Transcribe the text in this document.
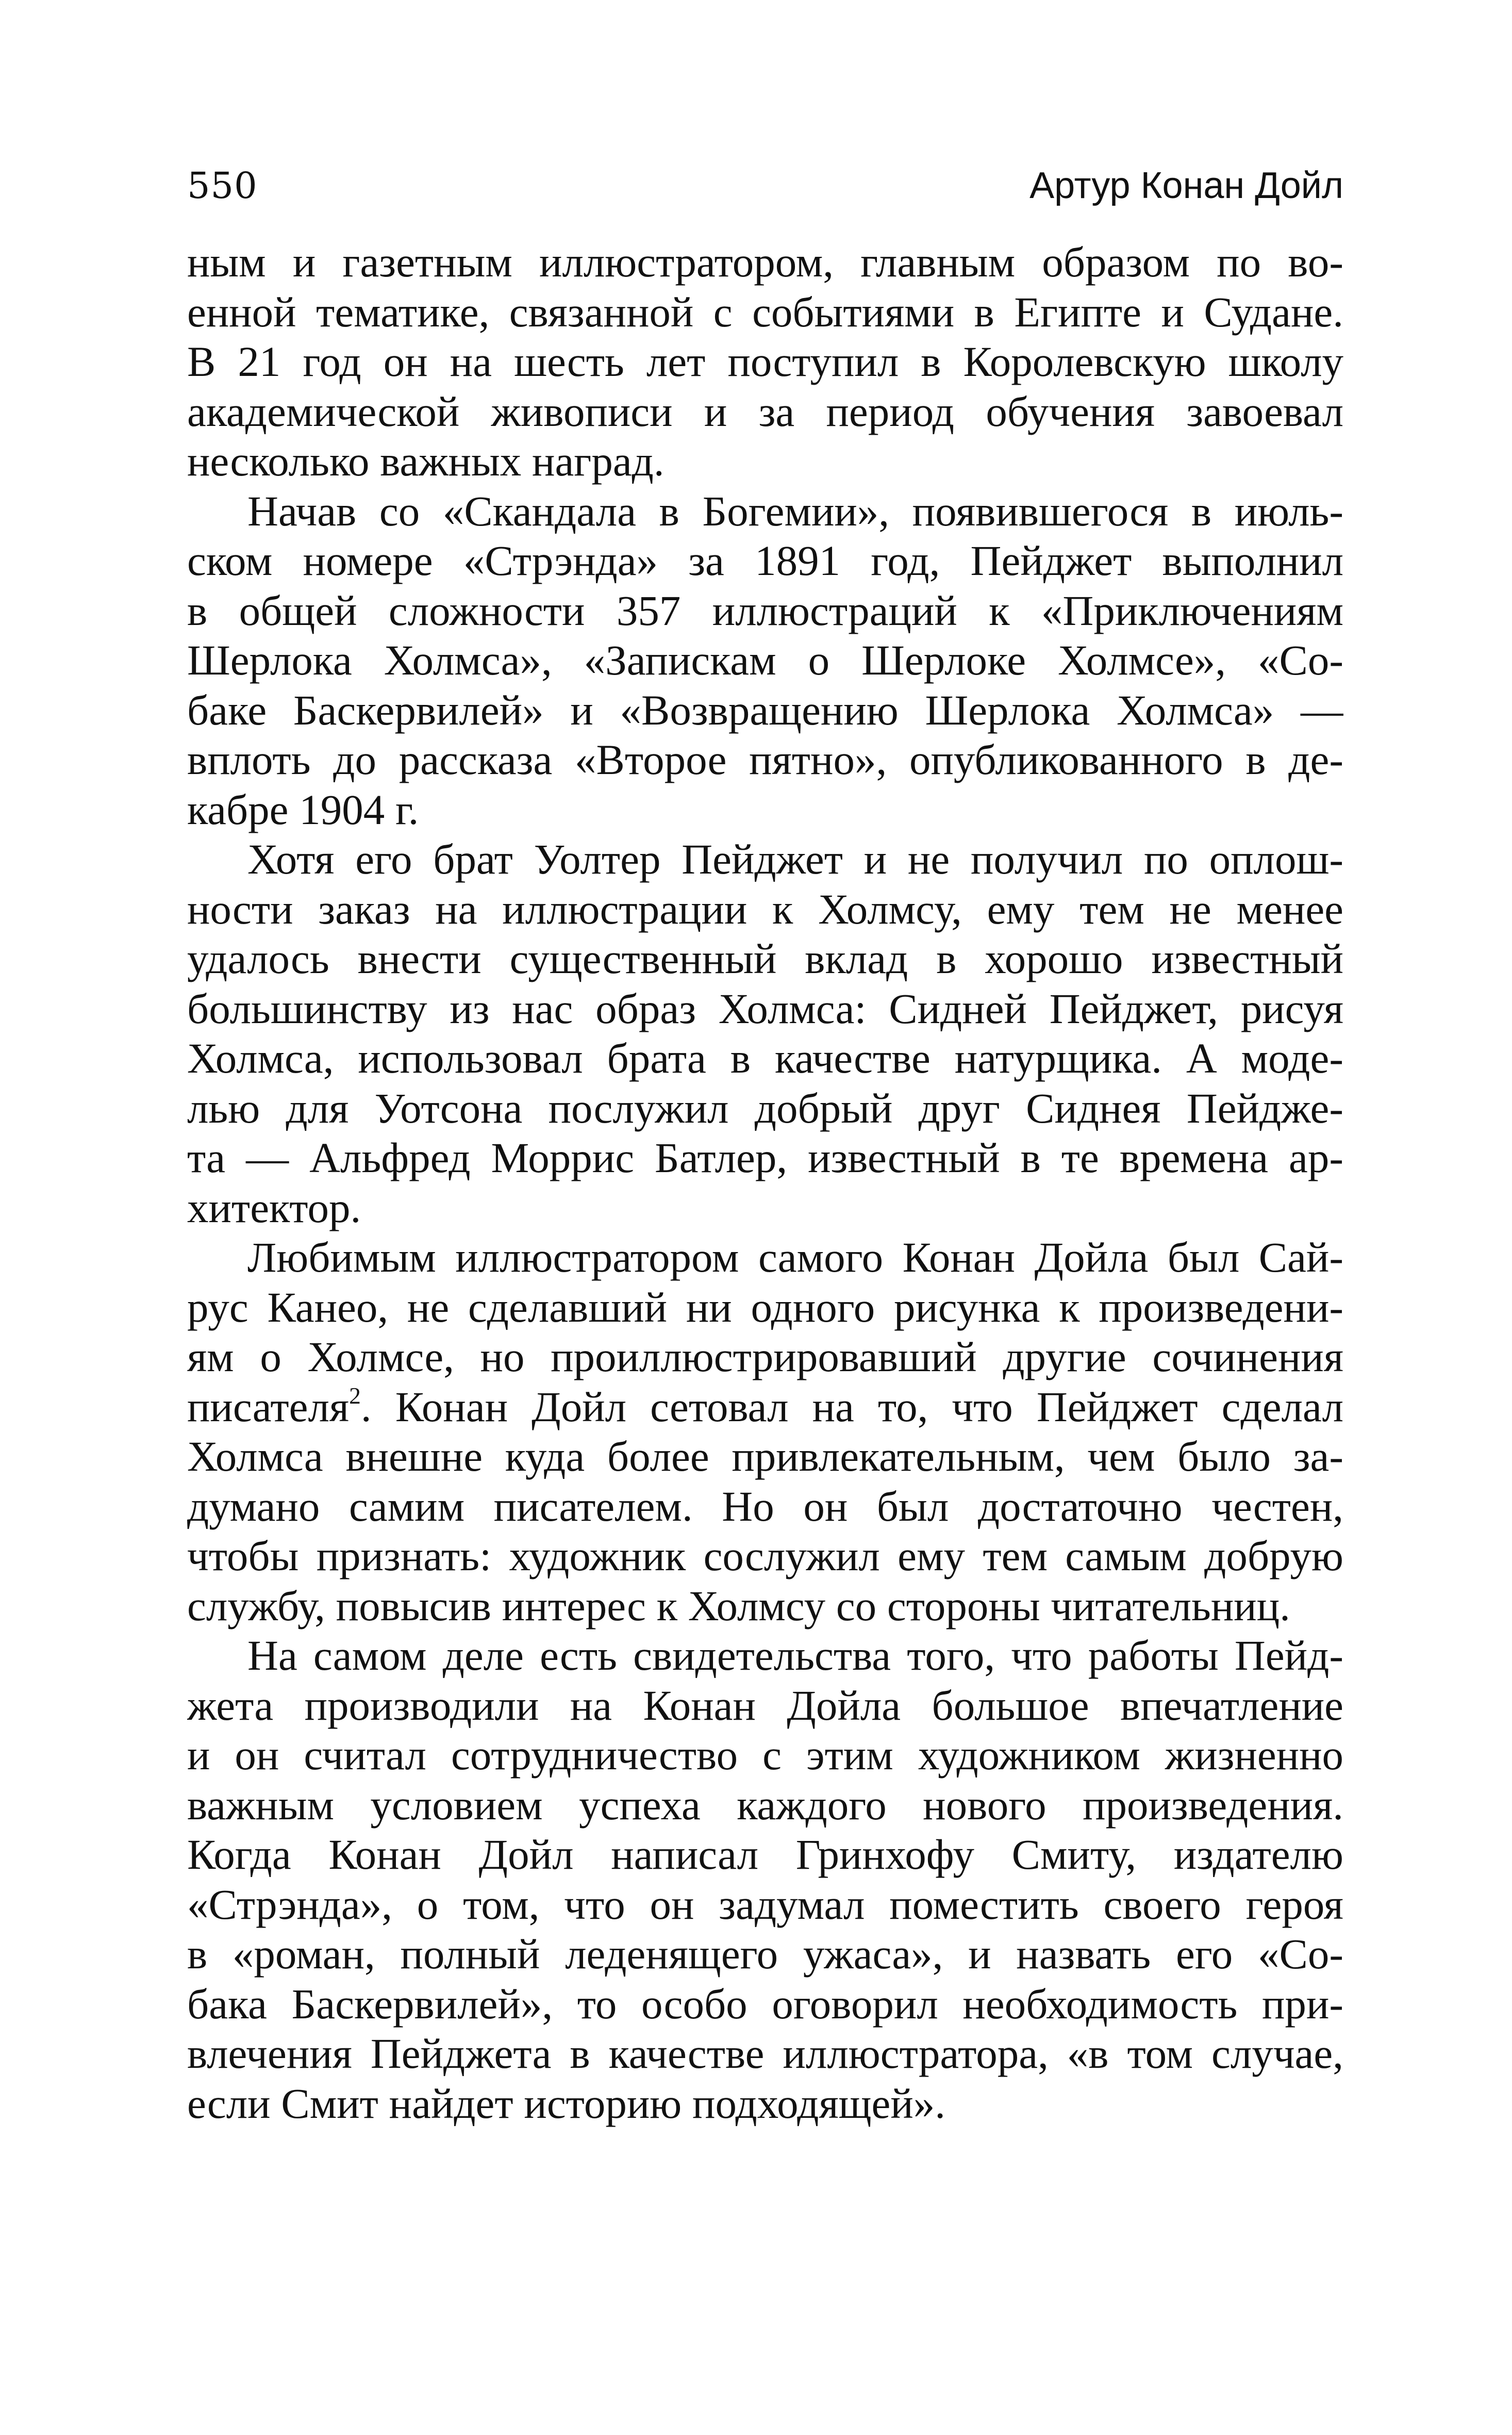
550	Артур Конан Дойл
ным и газетным иллюстратором, главным образом по во-
енной тематике, связанной с событиями в Египте и Судане.
В 21 год он на шесть лет поступил в Королевскую школу
академической живописи и за период обучения завоевал
несколько важных наград.
Начав со «Скандала в Богемии», появившегося в июль-
ском номере «Стрэнда» за 1891 год, Пейджет выполнил
в общей сложности 357 иллюстраций к «Приключениям
Шерлока Холмса», «Запискам о Шерлоке Холмсе», «Со-
баке Баскервилей» и «Возвращению Шерлока Холмса» —
вплоть до рассказа «Второе пятно», опубликованного в де-
кабре 1904 г.
Хотя его брат Уолтер Пейджет и не получил по оплош-
ности заказ на иллюстрации к Холмсу, ему тем не менее
удалось внести существенный вклад в хорошо известный
большинству из нас образ Холмса: Сидней Пейджет, рисуя
Холмса, использовал брата в качестве натурщика. А моде-
лью для Уотсона послужил добрый друг Сиднея Пейдже-
та — Альфред Моррис Батлер, известный в те времена ар-
хитектор.
Любимым иллюстратором самого Конан Дойла был Сай-
рус Канео, не сделавший ни одного рисунка к произведени-
ям о Холмсе, но проиллюстрировавший другие сочинения
писателя$^2$. Конан Дойл сетовал на то, что Пейджет сделал
Холмса внешне куда более привлекательным, чем было за-
думано самим писателем. Но он был достаточно честен,
чтобы признать: художник сослужил ему тем самым добрую
службу, повысив интерес к Холмсу со стороны читательниц.
На самом деле есть свидетельства того, что работы Пейд-
жета производили на Конан Дойла большое впечатление
и он считал сотрудничество с этим художником жизненно
важным условием успеха каждого нового произведения.
Когда Конан Дойл написал Гринхофу Смиту, издателю
«Стрэнда», о том, что он задумал поместить своего героя
в «роман, полный леденящего ужаса», и назвать его «Со-
бака Баскервилей», то особо оговорил необходимость при-
влечения Пейджета в качестве иллюстратора, «в том случае,
если Смит найдет историю подходящей».
